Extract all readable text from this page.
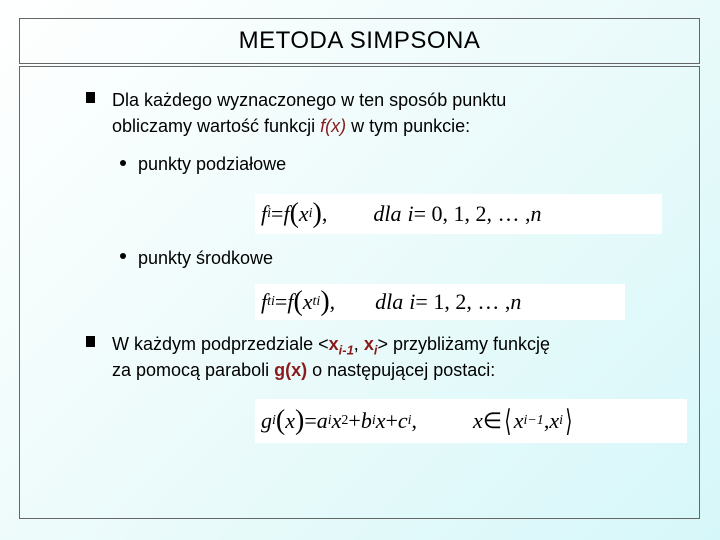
METODA SIMPSONA
Dla każdego wyznaczonego w ten sposób punktu
obliczamy wartość funkcji f(x) w tym punkcie:
punkty podziałowe
f i = f ( x i ) , dla i = 0, 1, 2, … , n
punkty środkowe
f ti = f ( x ti ) , dla i = 1, 2, … , n
W każdym podprzedziale $<x_{i-1}$, $x_i>$ przybliżamy funkcję
za pomocą paraboli g(x) o następującej postaci:
g i ( x ) = a i x 2 + b i x + c i ,	x ∈ ⟨ x i−1 , x i ⟩
